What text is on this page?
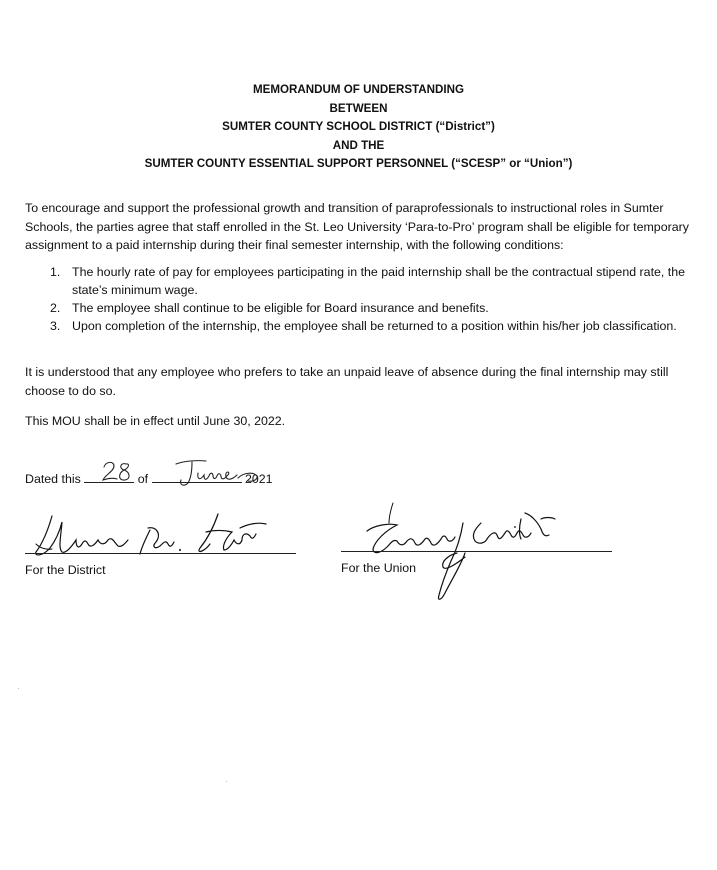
MEMORANDUM OF UNDERSTANDING
BETWEEN
SUMTER COUNTY SCHOOL DISTRICT (“District”)
AND THE
SUMTER COUNTY ESSENTIAL SUPPORT PERSONNEL (“SCESP” or “Union”)
To encourage and support the professional growth and transition of paraprofessionals to instructional roles in Sumter Schools, the parties agree that staff enrolled in the St. Leo University ‘Para-to-Pro’ program shall be eligible for temporary assignment to a paid internship during their final semester internship, with the following conditions:
1. The hourly rate of pay for employees participating in the paid internship shall be the contractual stipend rate, the state’s minimum wage.
2. The employee shall continue to be eligible for Board insurance and benefits.
3. Upon completion of the internship, the employee shall be returned to a position within his/her job classification.
It is understood that any employee who prefers to take an unpaid leave of absence during the final internship may still choose to do so.
This MOU shall be in effect until June 30, 2022.
Dated this	of	2021
For the District	For the Union
